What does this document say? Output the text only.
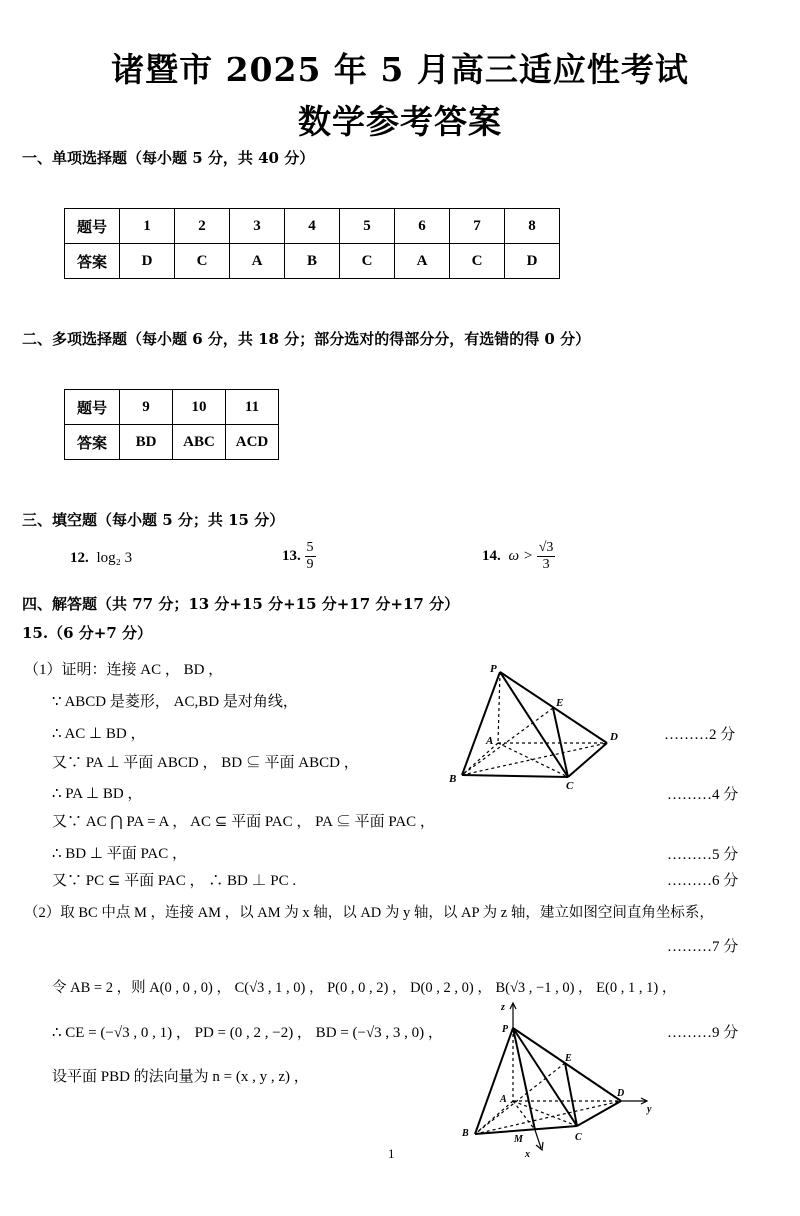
诸暨市 2025 年 5 月高三适应性考试
数学参考答案
一、单项选择题（每小题 5 分，共 40 分）
题号	1	2	3	4	5	6	7	8
答案	D	C	A	B	C	A	C	D
二、多项选择题（每小题 6 分，共 18 分；部分选对的得部分分，有选错的得 0 分）
题号	9	10	11
答案	BD	ABC	ACD
三、填空题（每小题 5 分；共 15 分）
12. log₂ 3	13. $\frac{5}{9}$	14. $\omega > \frac{√3}{3}$
四、解答题（共 77 分；13 分+15 分+15 分+17 分+17 分）
15.（6 分+7 分）
（1）证明：连接 AC ， BD ，
∵ ABCD 是菱形， AC,BD 是对角线，
∴ AC ⊥ BD ，
又∵ PA ⊥ 平面 ABCD ， BD ⊆ 平面 ABCD ，
∴ PA ⊥ BD ，
又∵ AC ⋂ PA = A ， AC ⊆ 平面 PAC ， PA ⊆ 平面 PAC ，
∴ BD ⊥ 平面 PAC ，
又∵ PC ⊆ 平面 PAC ， ∴ BD ⊥ PC .
………2 分
………4 分
………5 分
………6 分
（2）取 BC 中点 M ，连接 AM ，以 AM 为 x 轴，以 AD 为 y 轴，以 AP 为 z 轴，建立如图空间直角坐标系，
………7 分
令 AB = 2 ，则 A(0 , 0 , 0) ， C(√3 , 1 , 0) ， P(0 , 0 , 2) ， D(0 , 2 , 0) ， B(√3 , −1 , 0) ， E(0 , 1 , 1) ，
∴ CE = (−√3 , 0 , 1) ， PD = (0 , 2 , −2) ， BD = (−√3 , 3 , 0) ，	………9 分
设平面 PBD 的法向量为 n = (x , y , z) ，
P
E
A	D
B
C
z
P
E
A
D
y
B
M	C
x
1
